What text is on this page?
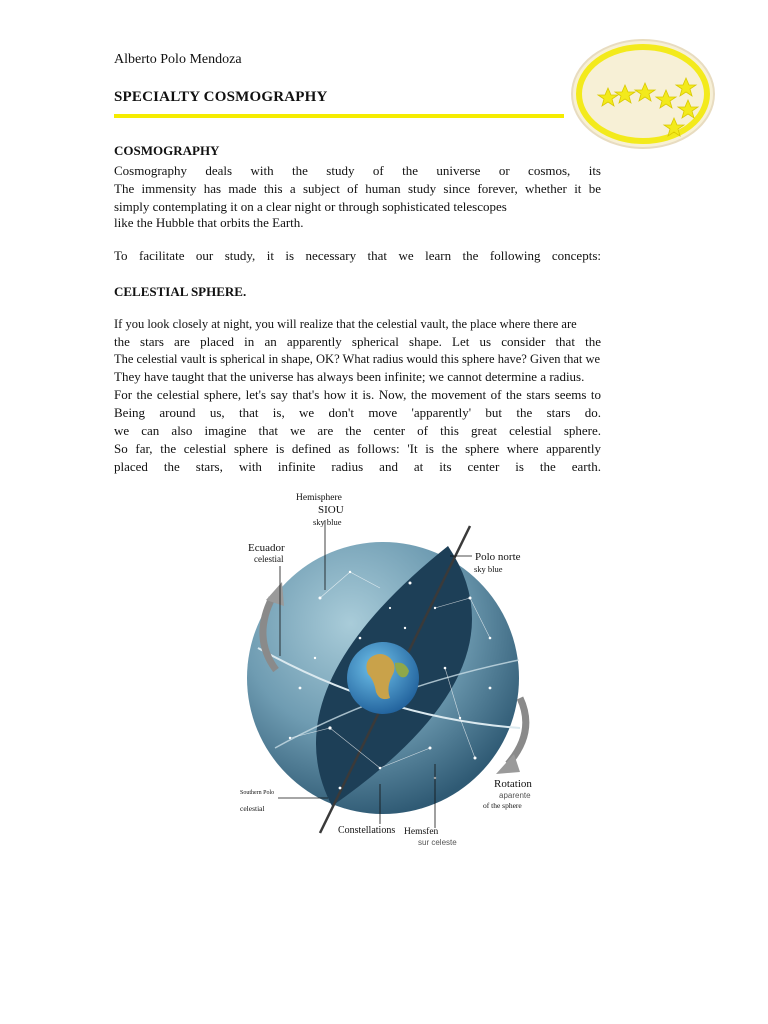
Alberto Polo Mendoza
SPECIALTY COSMOGRAPHY
COSMOGRAPHY
Cosmography deals with the study of the universe or cosmos, its
The immensity has made this a subject of human study since forever, whether it be
simply contemplating it on a clear night or through sophisticated telescopes
like the Hubble that orbits the Earth.
To facilitate our study, it is necessary that we learn the following concepts:
CELESTIAL SPHERE.
If you look closely at night, you will realize that the celestial vault, the place where there are
the stars are placed in an apparently spherical shape. Let us consider that the
The celestial vault is spherical in shape, OK? What radius would this sphere have? Given that we
They have taught that the universe has always been infinite; we cannot determine a radius.
For the celestial sphere, let's say that's how it is. Now, the movement of the stars seems to
Being around us, that is, we don't move 'apparently' but the stars do.
we can also imagine that we are the center of this great celestial sphere.
So far, the celestial sphere is defined as follows: 'It is the sphere where apparently
placed the stars, with infinite radius and at its center is the earth.
Hemisphere
SIOU
sky blue
Ecuador
celestial	Polo norte
sky blue
Rotation
aparente
of the sphere
Southern Polo
celestial
Constellations Hemsfen
sur celeste
